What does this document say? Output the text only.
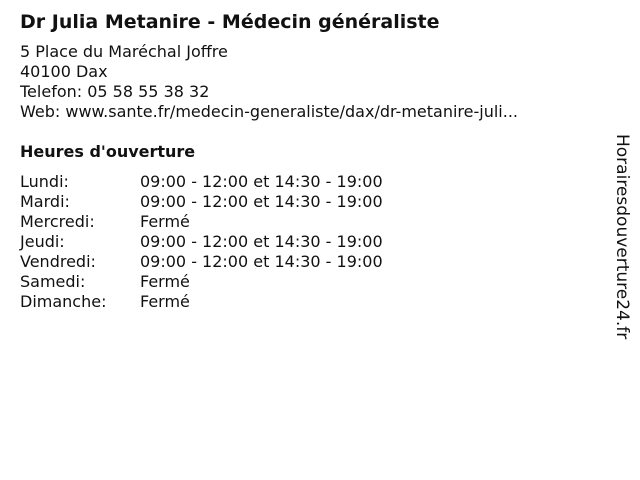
Dr Julia Metanire - Médecin généraliste
5 Place du Maréchal Joffre
40100 Dax
Telefon: 05 58 55 38 32
Web: www.sante.fr/medecin-generaliste/dax/dr-metanire-juli...
Heures d'ouverture
Lundi:	09:00 - 12:00 et 14:30 - 19:00
Mardi:	09:00 - 12:00 et 14:30 - 19:00
Mercredi:	Fermé
Jeudi:	09:00 - 12:00 et 14:30 - 19:00
Vendredi:	09:00 - 12:00 et 14:30 - 19:00
Samedi:	Fermé
Dimanche:	Fermé	Horairesdouverture24.fr
